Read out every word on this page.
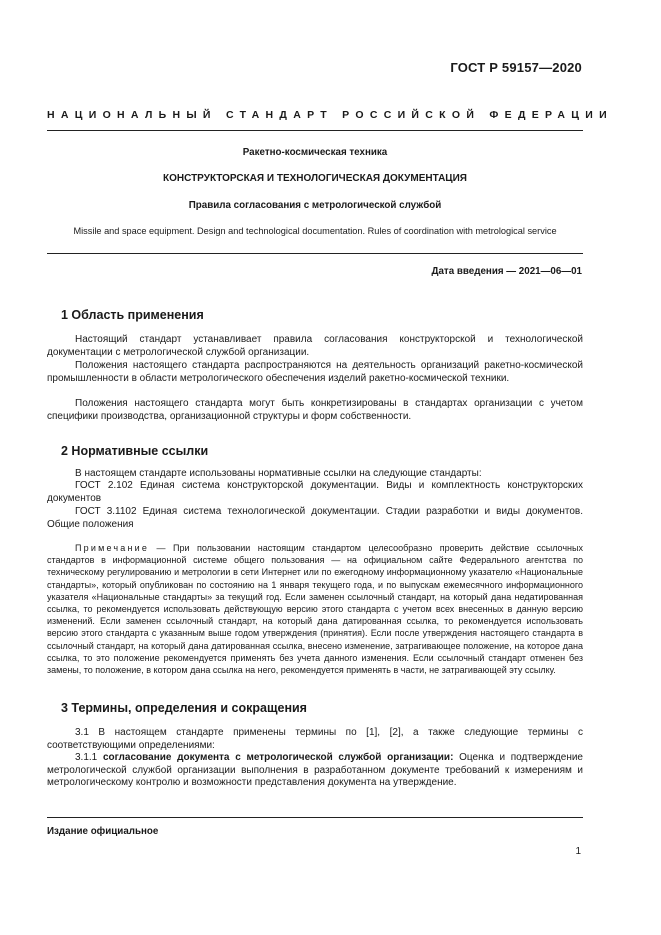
ГОСТ Р 59157—2020
НАЦИОНАЛЬНЫЙ СТАНДАРТ РОССИЙСКОЙ ФЕДЕРАЦИИ
Ракетно-космическая техника
КОНСТРУКТОРСКАЯ И ТЕХНОЛОГИЧЕСКАЯ ДОКУМЕНТАЦИЯ
Правила согласования с метрологической службой
Missile and space equipment. Design and technological documentation. Rules of coordination with metrological service
Дата введения — 2021—06—01
1 Область применения
Настоящий стандарт устанавливает правила согласования конструкторской и технологической документации с метрологической службой организации.
Положения настоящего стандарта распространяются на деятельность организаций ракетно-космической промышленности в области метрологического обеспечения изделий ракетно-космической техники.
Положения настоящего стандарта могут быть конкретизированы в стандартах организации с учетом специфики производства, организационной структуры и форм собственности.
2 Нормативные ссылки
В настоящем стандарте использованы нормативные ссылки на следующие стандарты:
ГОСТ 2.102 Единая система конструкторской документации. Виды и комплектность конструкторских документов
ГОСТ 3.1102 Единая система технологической документации. Стадии разработки и виды документов. Общие положения
Примечание — При пользовании настоящим стандартом целесообразно проверить действие ссылочных стандартов в информационной системе общего пользования — на официальном сайте Федерального агентства по техническому регулированию и метрологии в сети Интернет или по ежегодному информационному указателю «Национальные стандарты», который опубликован по состоянию на 1 января текущего года, и по выпускам ежемесячного информационного указателя «Национальные стандарты» за текущий год. Если заменен ссылочный стандарт, на который дана недатированная ссылка, то рекомендуется использовать действующую версию этого стандарта с учетом всех внесенных в данную версию изменений. Если заменен ссылочный стандарт, на который дана датированная ссылка, то рекомендуется использовать версию этого стандарта с указанным выше годом утверждения (принятия). Если после утверждения настоящего стандарта в ссылочный стандарт, на который дана датированная ссылка, внесено изменение, затрагивающее положение, на которое дана ссылка, то это положение рекомендуется применять без учета данного изменения. Если ссылочный стандарт отменен без замены, то положение, в котором дана ссылка на него, рекомендуется применять в части, не затрагивающей эту ссылку.
3 Термины, определения и сокращения
3.1 В настоящем стандарте применены термины по [1], [2], а также следующие термины с соответствующими определениями:
3.1.1 согласование документа с метрологической службой организации: Оценка и подтверждение метрологической службой организации выполнения в разработанном документе требований к измерениям и метрологическому контролю и возможности представления документа на утверждение.
Издание официальное
1
